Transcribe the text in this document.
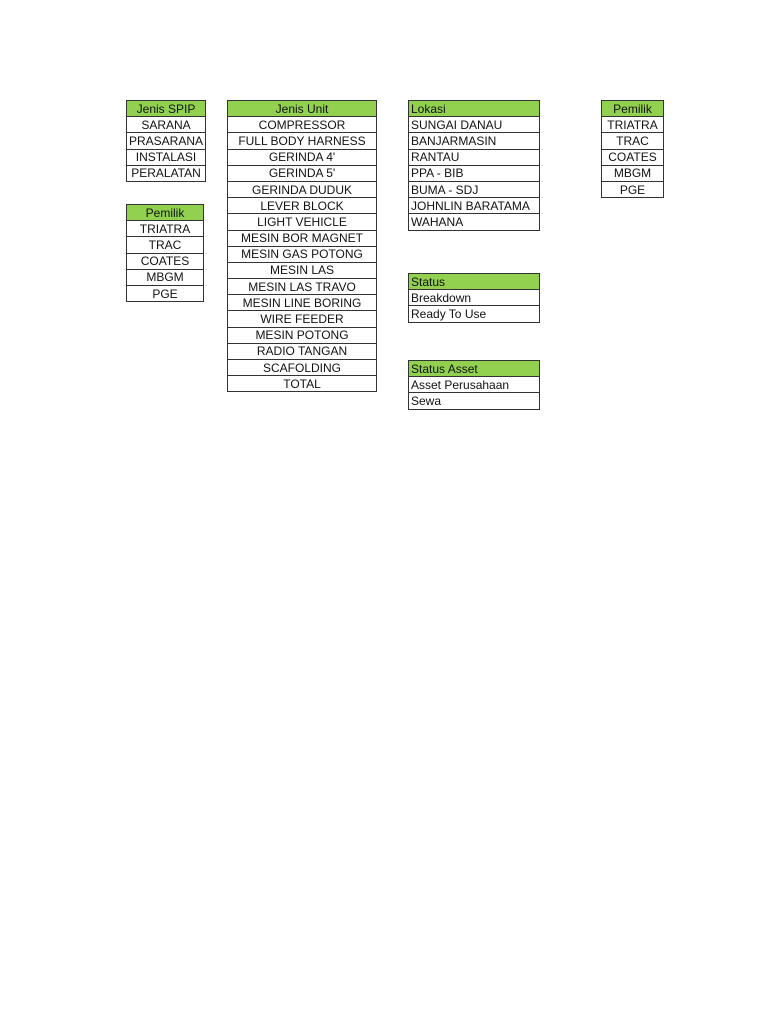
Jenis SPIP
SARANA
PRASARANA
INSTALASI
PERALATAN
Pemilik
TRIATRA
TRAC
COATES
MBGM
PGE
Jenis Unit
COMPRESSOR
FULL BODY HARNESS
GERINDA 4'
GERINDA 5'
GERINDA DUDUK
LEVER BLOCK
LIGHT VEHICLE
MESIN BOR MAGNET
MESIN GAS POTONG
MESIN LAS
MESIN LAS TRAVO
MESIN LINE BORING
WIRE FEEDER
MESIN POTONG
RADIO TANGAN
SCAFOLDING
TOTAL
Lokasi
SUNGAI DANAU
BANJARMASIN
RANTAU
PPA - BIB
BUMA - SDJ
JOHNLIN BARATAMA
WAHANA
Status
Breakdown
Ready To Use
Status Asset
Asset Perusahaan
Sewa
Pemilik
TRIATRA
TRAC
COATES
MBGM
PGE
